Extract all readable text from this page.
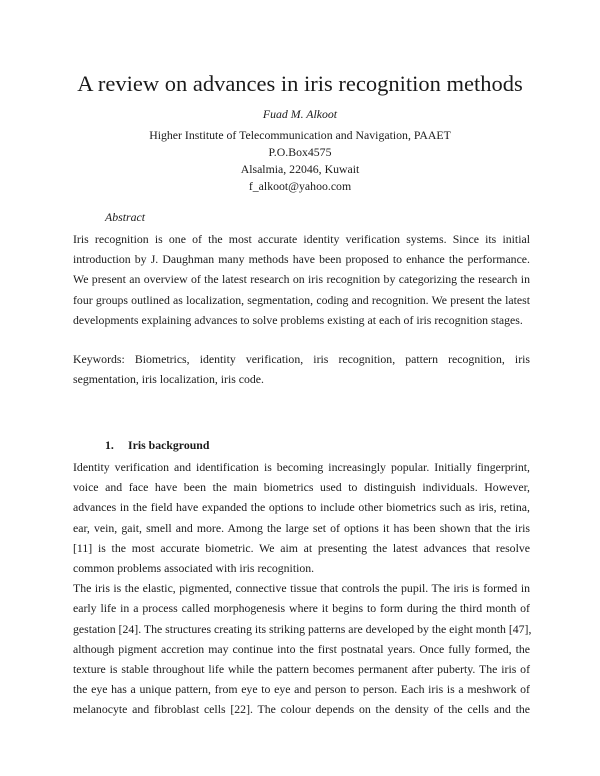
A review on advances in iris recognition methods
Fuad M. Alkoot
Higher Institute of Telecommunication and Navigation, PAAET
P.O.Box4575
Alsalmia, 22046, Kuwait
f_alkoot@yahoo.com
Abstract
Iris recognition is one of the most accurate identity verification systems. Since its initial
introduction by J. Daughman many methods have been proposed to enhance the performance.
We present an overview of the latest research on iris recognition by categorizing the research in
four groups outlined as localization, segmentation, coding and recognition. We present the latest
developments explaining advances to solve problems existing at each of iris recognition stages.
Keywords: Biometrics, identity verification, iris recognition, pattern recognition, iris
segmentation, iris localization, iris code.
1. Iris background
Identity verification and identification is becoming increasingly popular. Initially fingerprint,
voice and face have been the main biometrics used to distinguish individuals. However,
advances in the field have expanded the options to include other biometrics such as iris, retina,
ear, vein, gait, smell and more. Among the large set of options it has been shown that the iris
[11] is the most accurate biometric. We aim at presenting the latest advances that resolve
common problems associated with iris recognition.
The iris is the elastic, pigmented, connective tissue that controls the pupil. The iris is formed in
early life in a process called morphogenesis where it begins to form during the third month of
gestation [24]. The structures creating its striking patterns are developed by the eight month [47],
although pigment accretion may continue into the first postnatal years. Once fully formed, the
texture is stable throughout life while the pattern becomes permanent after puberty. The iris of
the eye has a unique pattern, from eye to eye and person to person. Each iris is a meshwork of
melanocyte and fibroblast cells [22]. The colour depends on the density of the cells and the
